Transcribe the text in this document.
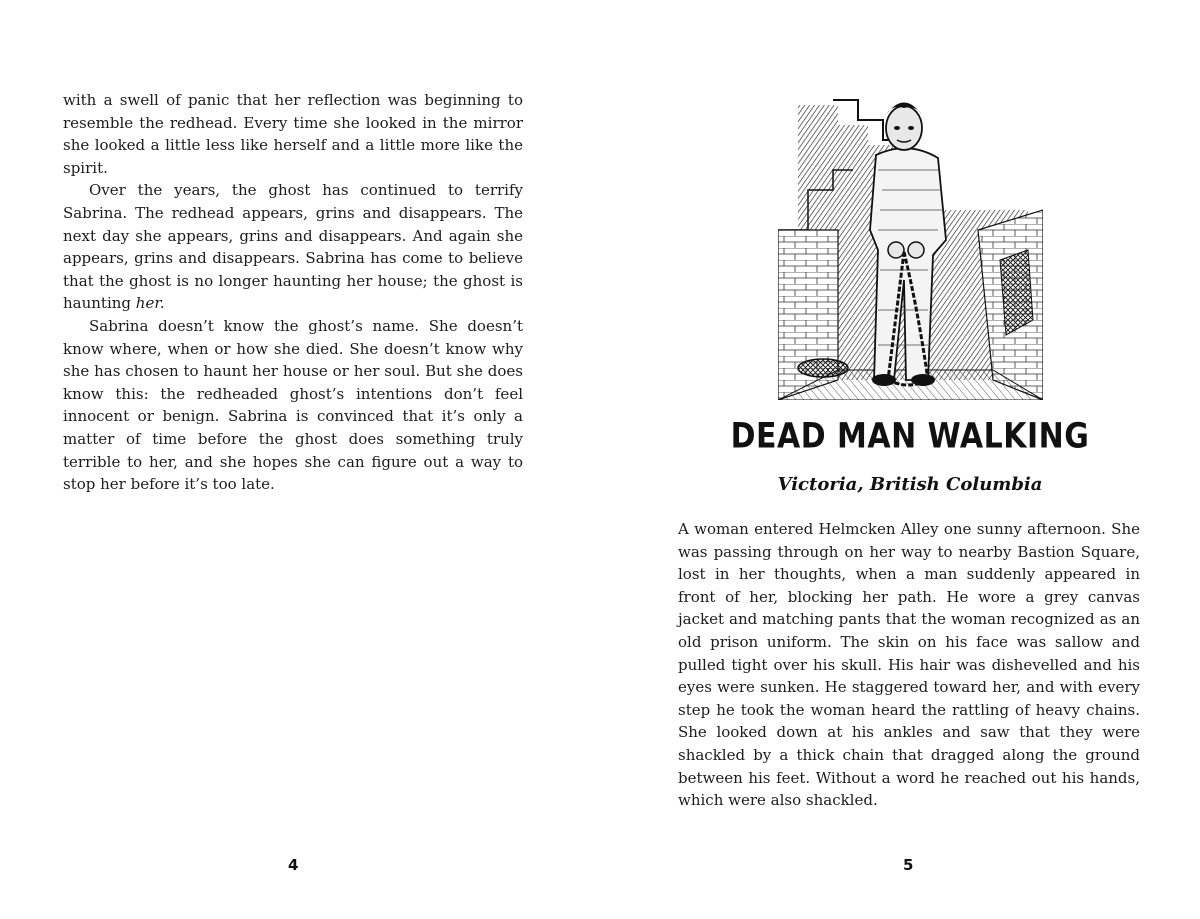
with a swell of panic that her reflection was beginning to resemble the redhead. Every time she looked in the mirror she looked a little less like herself and a little more like the spirit.

Over the years, the ghost has continued to terrify Sabrina. The redhead appears, grins and disappears. The next day she appears, grins and disappears. And again she appears, grins and disappears. Sabrina has come to believe that the ghost is no longer haunting her house; the ghost is haunting her.

Sabrina doesn’t know the ghost’s name. She doesn’t know where, when or how she died. She doesn’t know why she has chosen to haunt her house or her soul. But she does know this: the redheaded ghost’s intentions don’t feel innocent or benign. Sabrina is convinced that it’s only a matter of time before the ghost does something truly terrible to her, and she hopes she can figure out a way to stop her before it’s too late.

4
DEAD MAN WALKING
Victoria, British Columbia

A woman entered Helmcken Alley one sunny afternoon. She was passing through on her way to nearby Bastion Square, lost in her thoughts, when a man suddenly appeared in front of her, blocking her path. He wore a grey canvas jacket and matching pants that the woman recognized as an old prison uniform. The skin on his face was sallow and pulled tight over his skull. His hair was dishevelled and his eyes were sunken. He staggered toward her, and with every step he took the woman heard the rattling of heavy chains. She looked down at his ankles and saw that they were shackled by a thick chain that dragged along the ground between his feet. Without a word he reached out his hands, which were also shackled.

5
